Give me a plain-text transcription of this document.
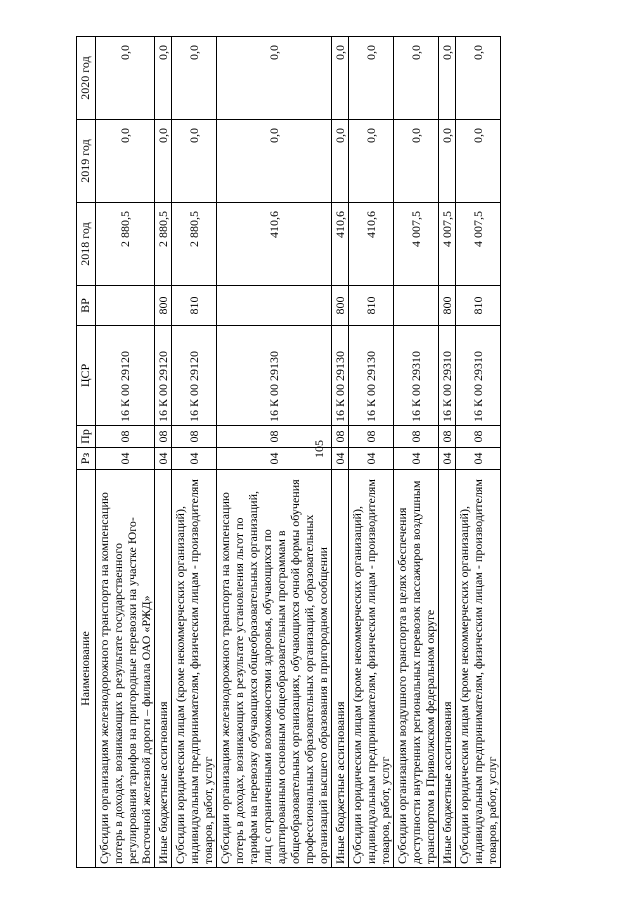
105
Наименование	Рз	Пр	ЦСР	ВР	2018 год	2019 год	2020 год
Субсидии организациям железнодорожного транспорта на компенсацию потерь в доходах, возникающих в результате государственного регулирования тарифов на пригородные перевозки на участке Юго-Восточной железной дороги – филиала ОАО «РЖД»	04	08	16 К 00 29120		2 880,5	0,0	0,0
Иные бюджетные ассигнования	04	08	16 К 00 29120	800	2 880,5	0,0	0,0
Субсидии юридическим лицам (кроме некоммерческих организаций), индивидуальным предпринимателям, физическим лицам - производителям товаров, работ, услуг	04	08	16 К 00 29120	810	2 880,5	0,0	0,0
Субсидии организациям железнодорожного транспорта на компенсацию потерь в доходах, возникающих в результате установления льгот по тарифам на перевозку обучающихся общеобразовательных организаций, лиц с ограниченными возможностями здоровья, обучающихся по адаптированным основным общеобразовательным программам в общеобразовательных организациях, обучающихся очной формы обучения профессиональных образовательных организаций, образовательных организаций высшего образования в пригородном сообщении	04	08	16 К 00 29130		410,6	0,0	0,0
Иные бюджетные ассигнования	04	08	16 К 00 29130	800	410,6	0,0	0,0
Субсидии юридическим лицам (кроме некоммерческих организаций), индивидуальным предпринимателям, физическим лицам - производителям товаров, работ, услуг	04	08	16 К 00 29130	810	410,6	0,0	0,0
Субсидии организациям воздушного транспорта в целях обеспечения доступности внутренних региональных перевозок пассажиров воздушным транспортом в Приволжском федеральном округе	04	08	16 К 00 29310		4 007,5	0,0	0,0
Иные бюджетные ассигнования	04	08	16 К 00 29310	800	4 007,5	0,0	0,0
Субсидии юридическим лицам (кроме некоммерческих организаций), индивидуальным предпринимателям, физическим лицам - производителям товаров, работ, услуг	04	08	16 К 00 29310	810	4 007,5	0,0	0,0
